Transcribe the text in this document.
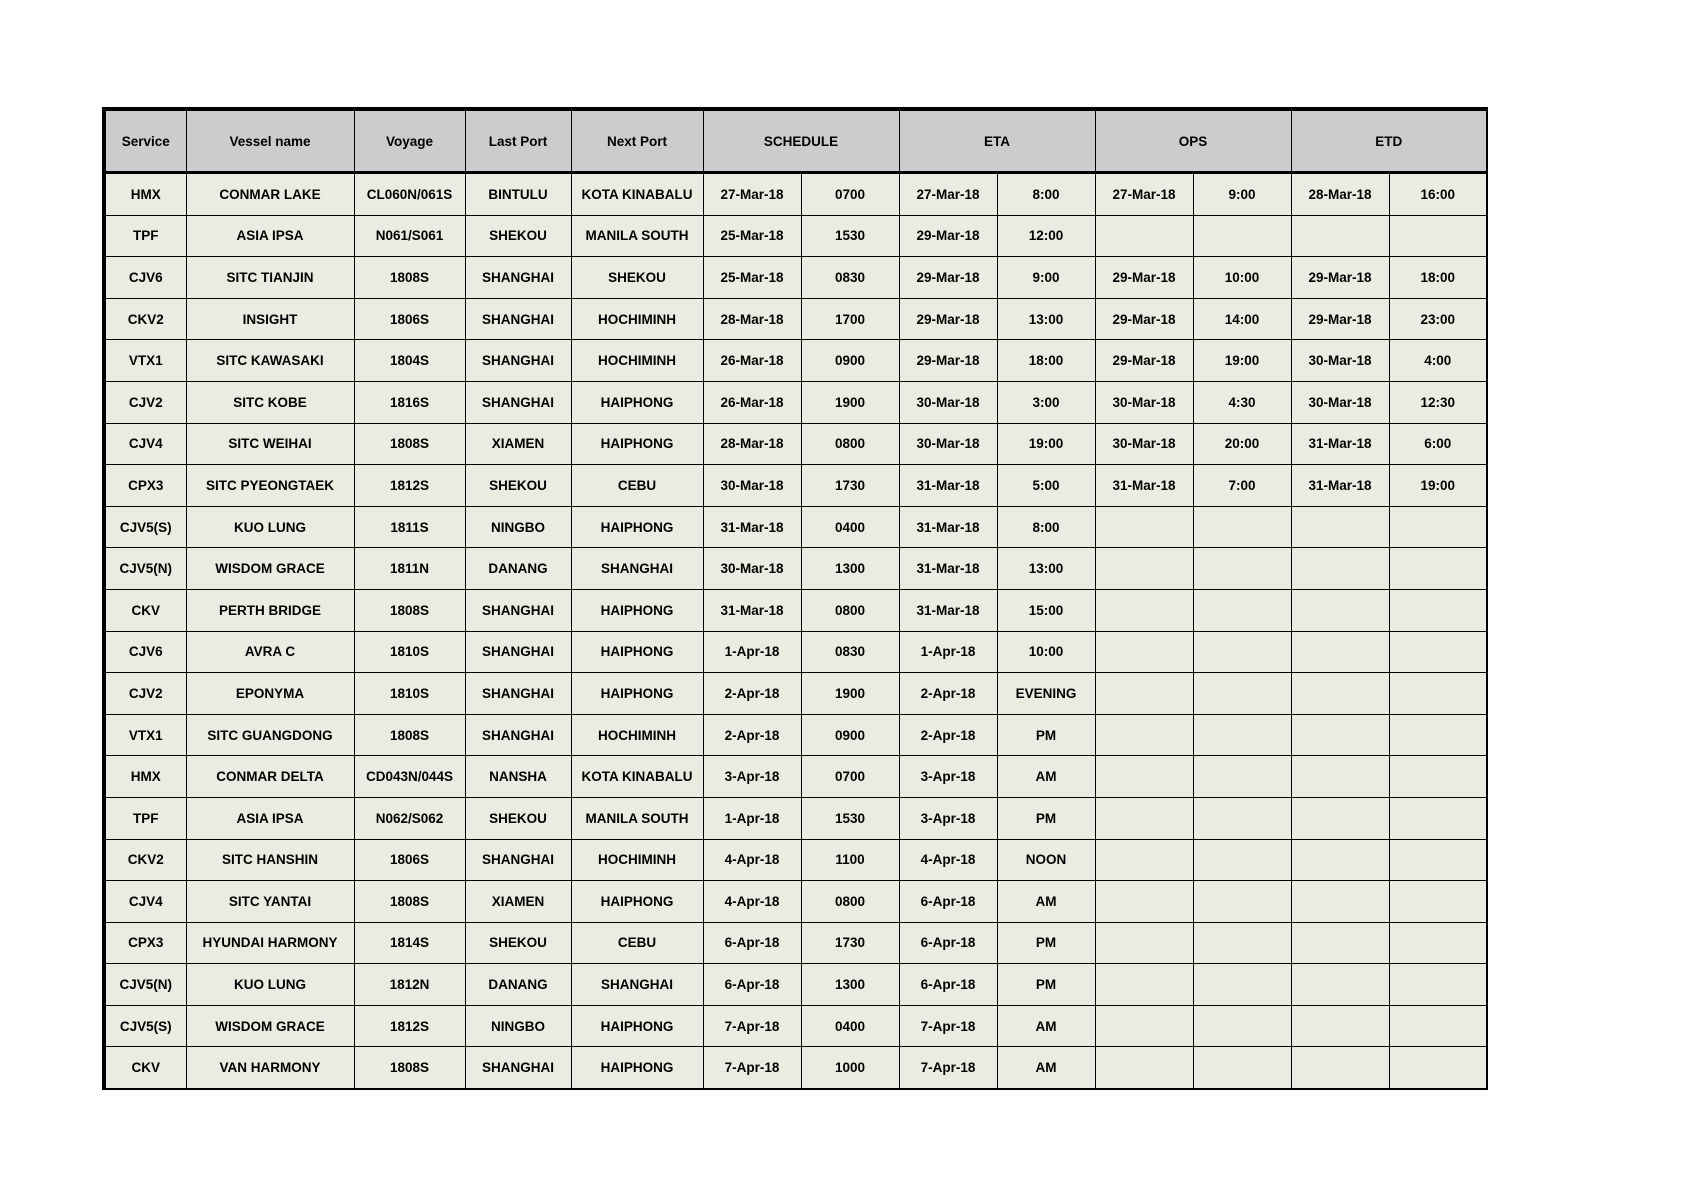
Service	Vessel name	Voyage	Last Port	Next Port	SCHEDULE		ETA		OPS		ETD	
HMX	CONMAR LAKE	CL060N/061S	BINTULU	KOTA KINABALU	27-Mar-18	0700	27-Mar-18	8:00	27-Mar-18	9:00	28-Mar-18	16:00
TPF	ASIA IPSA	N061/S061	SHEKOU	MANILA SOUTH	25-Mar-18	1530	29-Mar-18	12:00				
CJV6	SITC TIANJIN	1808S	SHANGHAI	SHEKOU	25-Mar-18	0830	29-Mar-18	9:00	29-Mar-18	10:00	29-Mar-18	18:00
CKV2	INSIGHT	1806S	SHANGHAI	HOCHIMINH	28-Mar-18	1700	29-Mar-18	13:00	29-Mar-18	14:00	29-Mar-18	23:00
VTX1	SITC KAWASAKI	1804S	SHANGHAI	HOCHIMINH	26-Mar-18	0900	29-Mar-18	18:00	29-Mar-18	19:00	30-Mar-18	4:00
CJV2	SITC KOBE	1816S	SHANGHAI	HAIPHONG	26-Mar-18	1900	30-Mar-18	3:00	30-Mar-18	4:30	30-Mar-18	12:30
CJV4	SITC WEIHAI	1808S	XIAMEN	HAIPHONG	28-Mar-18	0800	30-Mar-18	19:00	30-Mar-18	20:00	31-Mar-18	6:00
CPX3	SITC PYEONGTAEK	1812S	SHEKOU	CEBU	30-Mar-18	1730	31-Mar-18	5:00	31-Mar-18	7:00	31-Mar-18	19:00
CJV5(S)	KUO LUNG	1811S	NINGBO	HAIPHONG	31-Mar-18	0400	31-Mar-18	8:00				
CJV5(N)	WISDOM GRACE	1811N	DANANG	SHANGHAI	30-Mar-18	1300	31-Mar-18	13:00				
CKV	PERTH BRIDGE	1808S	SHANGHAI	HAIPHONG	31-Mar-18	0800	31-Mar-18	15:00				
CJV6	AVRA C	1810S	SHANGHAI	HAIPHONG	1-Apr-18	0830	1-Apr-18	10:00				
CJV2	EPONYMA	1810S	SHANGHAI	HAIPHONG	2-Apr-18	1900	2-Apr-18	EVENING				
VTX1	SITC GUANGDONG	1808S	SHANGHAI	HOCHIMINH	2-Apr-18	0900	2-Apr-18	PM				
HMX	CONMAR DELTA	CD043N/044S	NANSHA	KOTA KINABALU	3-Apr-18	0700	3-Apr-18	AM				
TPF	ASIA IPSA	N062/S062	SHEKOU	MANILA SOUTH	1-Apr-18	1530	3-Apr-18	PM				
CKV2	SITC HANSHIN	1806S	SHANGHAI	HOCHIMINH	4-Apr-18	1100	4-Apr-18	NOON				
CJV4	SITC YANTAI	1808S	XIAMEN	HAIPHONG	4-Apr-18	0800	6-Apr-18	AM				
CPX3	HYUNDAI HARMONY	1814S	SHEKOU	CEBU	6-Apr-18	1730	6-Apr-18	PM				
CJV5(N)	KUO LUNG	1812N	DANANG	SHANGHAI	6-Apr-18	1300	6-Apr-18	PM				
CJV5(S)	WISDOM GRACE	1812S	NINGBO	HAIPHONG	7-Apr-18	0400	7-Apr-18	AM				
CKV	VAN HARMONY	1808S	SHANGHAI	HAIPHONG	7-Apr-18	1000	7-Apr-18	AM				
